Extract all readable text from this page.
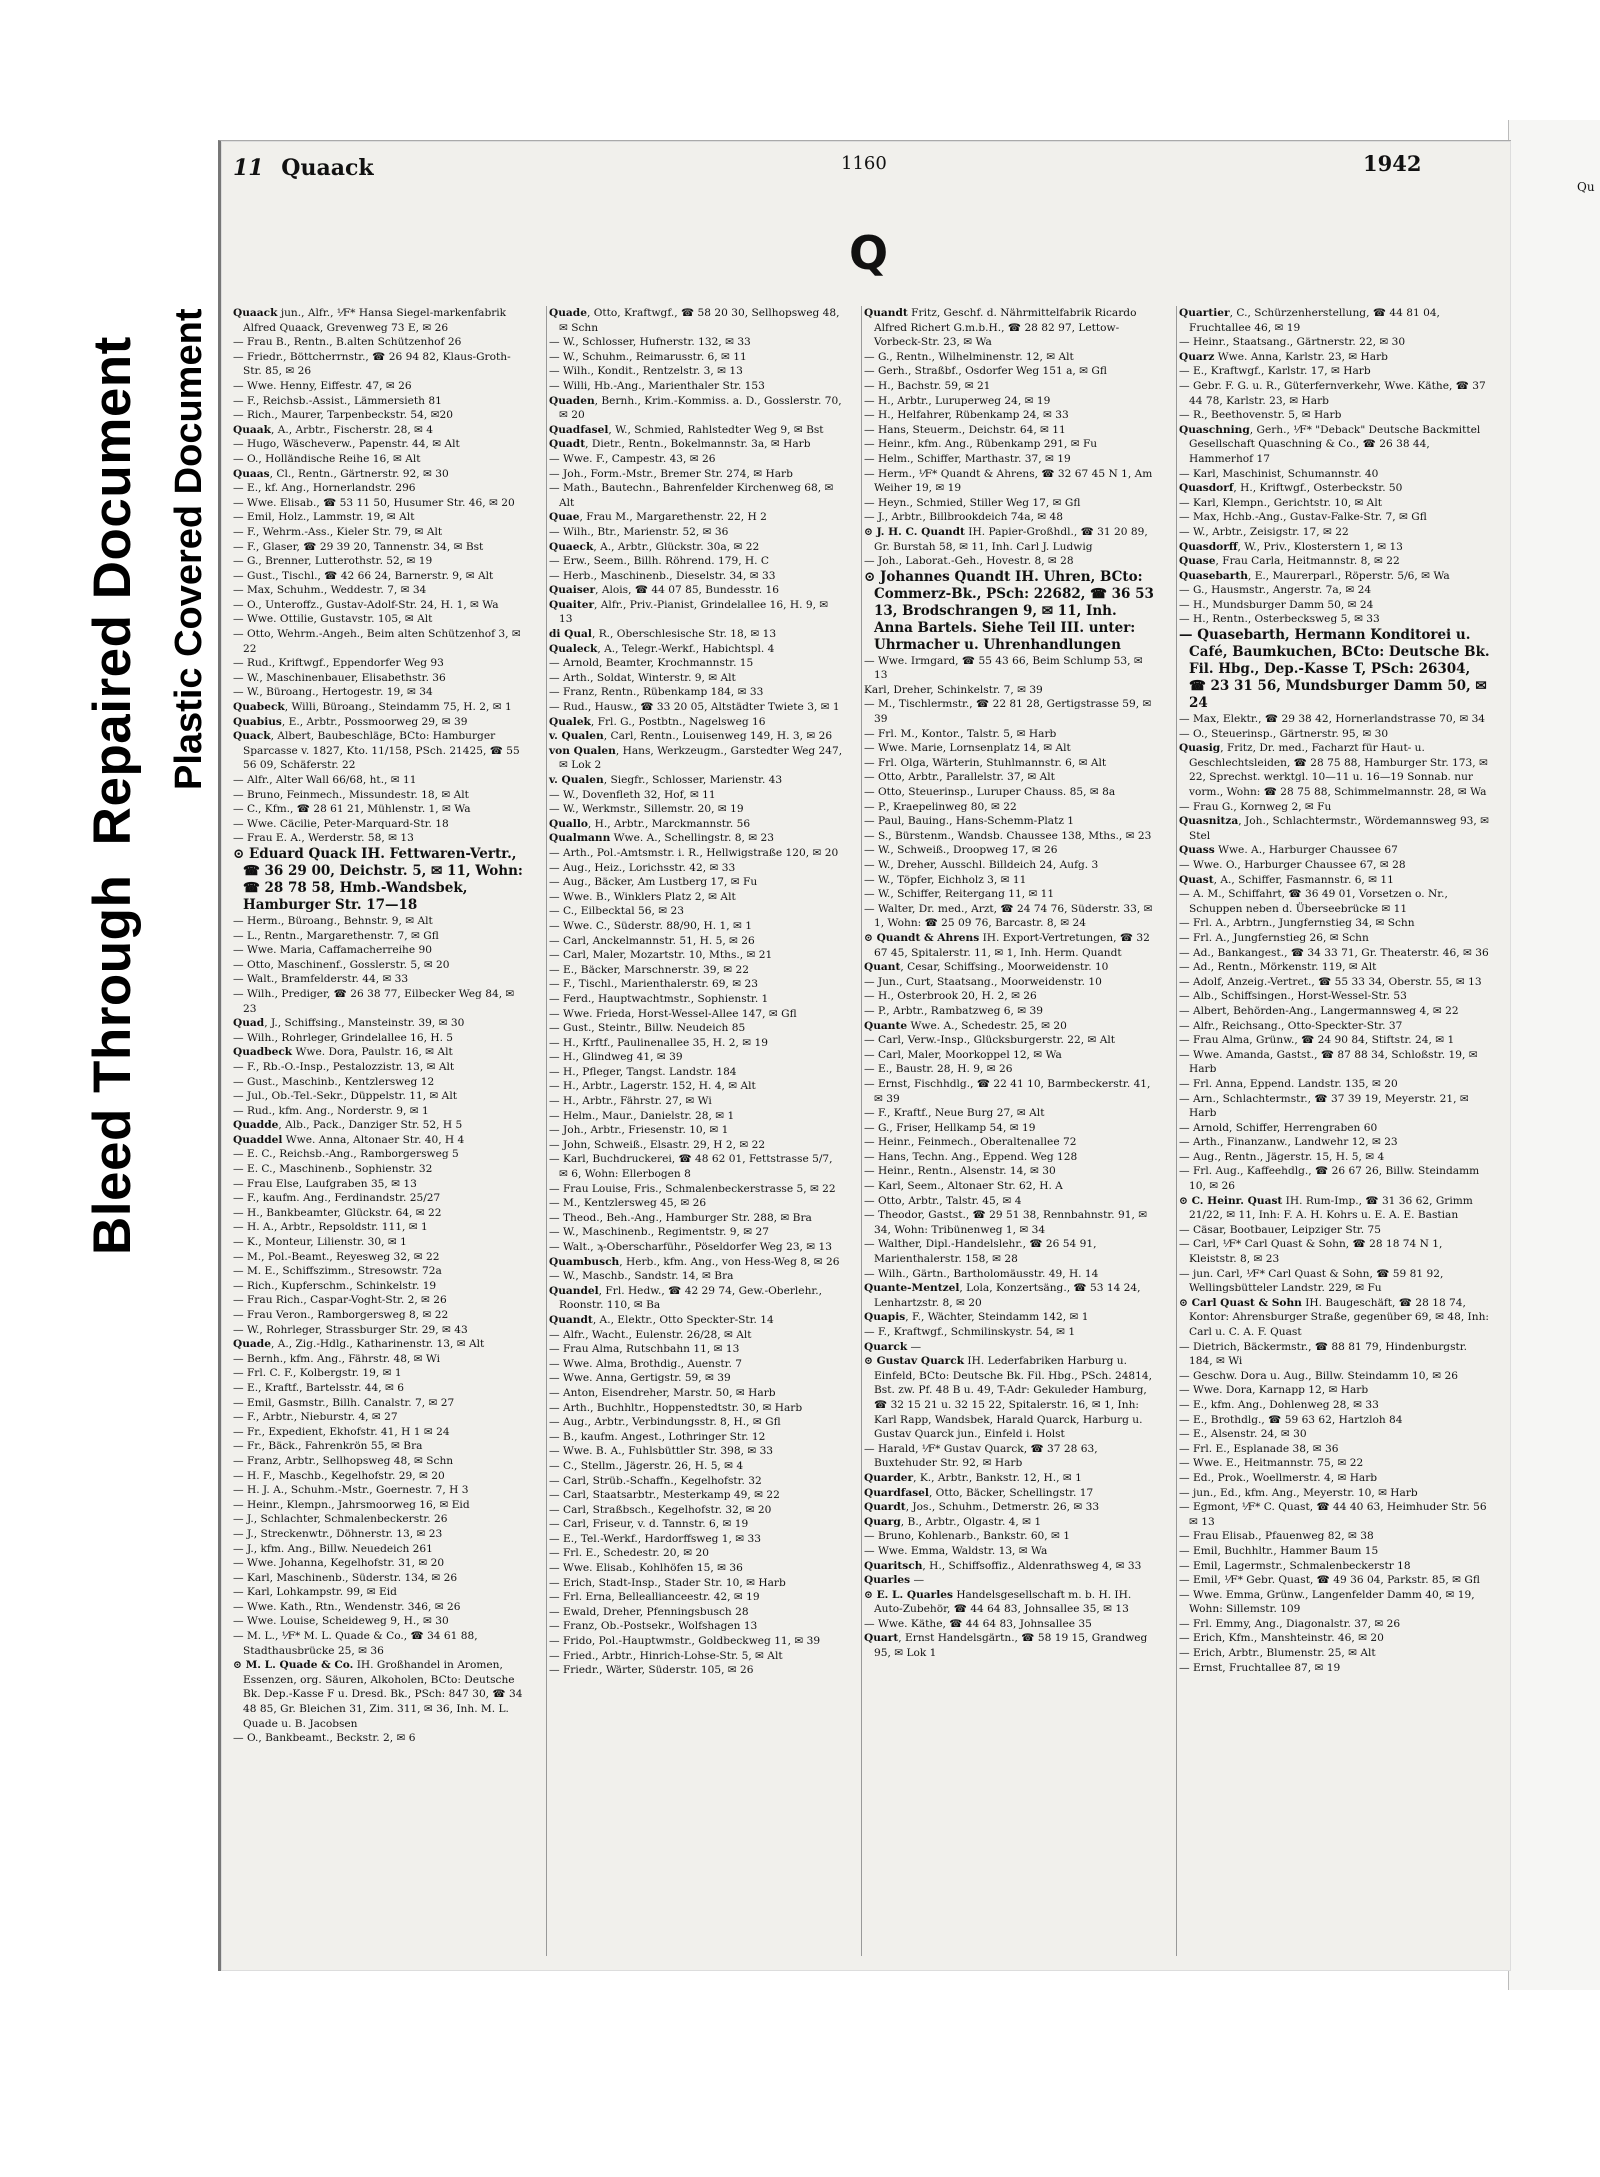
Bleed Through Repaired Document Plastic Covered Document
Qu
11 Quaack	1160	1942
Q
Quaack jun., Alfr., ⅟F* Hansa Siegel-markenfabrik Alfred Quaack, Grevenweg 73 E, ✉ 26
— Frau B., Rentn., B.alten Schützenhof 26
— Friedr., Böttcherrnstr., ☎ 26 94 82, Klaus-Groth-Str. 85, ✉ 26
— Wwe. Henny, Eiffestr. 47, ✉ 26
— F., Reichsb.-Assist., Lämmersieth 81
— Rich., Maurer, Tarpenbeckstr. 54, ✉20
Quaak, A., Arbtr., Fischerstr. 28, ✉ 4
— Hugo, Wäscheverw., Papenstr. 44, ✉ Alt
— O., Holländische Reihe 16, ✉ Alt
Quaas, Cl., Rentn., Gärtnerstr. 92, ✉ 30
— E., kf. Ang., Hornerlandstr. 296
— Wwe. Elisab., ☎ 53 11 50, Husumer Str. 46, ✉ 20
— Emil, Holz., Lammstr. 19, ✉ Alt
— F., Wehrm.-Ass., Kieler Str. 79, ✉ Alt
— F., Glaser, ☎ 29 39 20, Tannenstr. 34, ✉ Bst
— G., Brenner, Lutterothstr. 52, ✉ 19
— Gust., Tischl., ☎ 42 66 24, Barnerstr. 9, ✉ Alt
— Max, Schuhm., Weddestr. 7, ✉ 34
— O., Unteroffz., Gustav-Adolf-Str. 24, H. 1, ✉ Wa
— Wwe. Ottilie, Gustavstr. 105, ✉ Alt
— Otto, Wehrm.-Angeh., Beim alten Schützenhof 3, ✉ 22
— Rud., Kriftwgf., Eppendorfer Weg 93
— W., Maschinenbauer, Elisabethstr. 36
— W., Büroang., Hertogestr. 19, ✉ 34
Quabeck, Willi, Büroang., Steindamm 75, H. 2, ✉ 1
Quabius, E., Arbtr., Possmoorweg 29, ✉ 39
Quack, Albert, Baubeschläge, BCto: Hamburger Sparcasse v. 1827, Kto. 11/158, PSch. 21425, ☎ 55 56 09, Schäferstr. 22
— Alfr., Alter Wall 66/68, ht., ✉ 11
— Bruno, Feinmech., Missundestr. 18, ✉ Alt
— C., Kfm., ☎ 28 61 21, Mühlenstr. 1, ✉ Wa
— Wwe. Cäcilie, Peter-Marquard-Str. 18
— Frau E. A., Werderstr. 58, ✉ 13
⊙ Eduard Quack IH. Fettwaren-Vertr., ☎ 36 29 00, Deichstr. 5, ✉ 11, Wohn: ☎ 28 78 58, Hmb.-Wandsbek, Hamburger Str. 17—18
— Herm., Büroang., Behnstr. 9, ✉ Alt
— L., Rentn., Margarethenstr. 7, ✉ Gfl
— Wwe. Maria, Caffamacherreihe 90
— Otto, Maschinenf., Gosslerstr. 5, ✉ 20
— Walt., Bramfelderstr. 44, ✉ 33
— Wilh., Prediger, ☎ 26 38 77, Eilbecker Weg 84, ✉ 23
Quad, J., Schiffsing., Mansteinstr. 39, ✉ 30
— Wilh., Rohrleger, Grindelallee 16, H. 5
Quadbeck Wwe. Dora, Paulstr. 16, ✉ Alt
— F., Rb.-O.-Insp., Pestalozzistr. 13, ✉ Alt
— Gust., Maschinb., Kentzlersweg 12
— Jul., Ob.-Tel.-Sekr., Düppelstr. 11, ✉ Alt
— Rud., kfm. Ang., Norderstr. 9, ✉ 1
Quadde, Alb., Pack., Danziger Str. 52, H 5
Quaddel Wwe. Anna, Altonaer Str. 40, H 4
— E. C., Reichsb.-Ang., Ramborgersweg 5
— E. C., Maschinenb., Sophienstr. 32
— Frau Else, Laufgraben 35, ✉ 13
— F., kaufm. Ang., Ferdinandstr. 25/27
— H., Bankbeamter, Glückstr. 64, ✉ 22
— H. A., Arbtr., Repsoldstr. 111, ✉ 1
— K., Monteur, Lilienstr. 30, ✉ 1
— M., Pol.-Beamt., Reyesweg 32, ✉ 22
— M. E., Schiffszimm., Stresowstr. 72a
— Rich., Kupferschm., Schinkelstr. 19
— Frau Rich., Caspar-Voght-Str. 2, ✉ 26
— Frau Veron., Ramborgersweg 8, ✉ 22
— W., Rohrleger, Strassburger Str. 29, ✉ 43
Quade, A., Zig.-Hdlg., Katharinenstr. 13, ✉ Alt
— Bernh., kfm. Ang., Fährstr. 48, ✉ Wi
— Frl. C. F., Kolbergstr. 19, ✉ 1
— E., Kraftf., Bartelsstr. 44, ✉ 6
— Emil, Gasmstr., Billh. Canalstr. 7, ✉ 27
— F., Arbtr., Nieburstr. 4, ✉ 27
— Fr., Expedient, Ekhofstr. 41, H 1 ✉ 24
— Fr., Bäck., Fahrenkrön 55, ✉ Bra
— Franz, Arbtr., Sellhopsweg 48, ✉ Schn
— H. F., Maschb., Kegelhofstr. 29, ✉ 20
— H. J. A., Schuhm.-Mstr., Goernestr. 7, H 3
— Heinr., Klempn., Jahrsmoorweg 16, ✉ Eid
— J., Schlachter, Schmalenbeckerstr. 26
— J., Streckenwtr., Döhnerstr. 13, ✉ 23
— J., kfm. Ang., Billw. Neuedeich 261
— Wwe. Johanna, Kegelhofstr. 31, ✉ 20
— Karl, Maschinenb., Süderstr. 134, ✉ 26
— Karl, Lohkampstr. 99, ✉ Eid
— Wwe. Kath., Rtn., Wendenstr. 346, ✉ 26
— Wwe. Louise, Scheideweg 9, H., ✉ 30
— M. L., ⅟F* M. L. Quade & Co., ☎ 34 61 88, Stadthausbrücke 25, ✉ 36
⊙ M. L. Quade & Co. IH. Großhandel in Aromen, Essenzen, org. Säuren, Alkoholen, BCto: Deutsche Bk. Dep.-Kasse F u. Dresd. Bk., PSch: 847 30, ☎ 34 48 85, Gr. Bleichen 31, Zim. 311, ✉ 36, Inh. M. L. Quade u. B. Jacobsen
— O., Bankbeamt., Beckstr. 2, ✉ 6
Quade, Otto, Kraftwgf., ☎ 58 20 30, Sellhopsweg 48, ✉ Schn
— W., Schlosser, Hufnerstr. 132, ✉ 33
— W., Schuhm., Reimarusstr. 6, ✉ 11
— Wilh., Kondit., Rentzelstr. 3, ✉ 13
— Willi, Hb.-Ang., Marienthaler Str. 153
Quaden, Bernh., Krim.-Kommiss. a. D., Gosslerstr. 70, ✉ 20
Quadfasel, W., Schmied, Rahlstedter Weg 9, ✉ Bst
Quadt, Dietr., Rentn., Bokelmannstr. 3a, ✉ Harb
— Wwe. F., Campestr. 43, ✉ 26
— Joh., Form.-Mstr., Bremer Str. 274, ✉ Harb
— Math., Bautechn., Bahrenfelder Kirchenweg 68, ✉ Alt
Quae, Frau M., Margarethenstr. 22, H 2
— Wilh., Btr., Marienstr. 52, ✉ 36
Quaeck, A., Arbtr., Glückstr. 30a, ✉ 22
— Erw., Seem., Billh. Röhrend. 179, H. C
— Herb., Maschinenb., Dieselstr. 34, ✉ 33
Quaiser, Alois, ☎ 44 07 85, Bundesstr. 16
Quaiter, Alfr., Priv.-Pianist, Grindelallee 16, H. 9, ✉ 13
di Qual, R., Oberschlesische Str. 18, ✉ 13
Qualeck, A., Telegr.-Werkf., Habichtspl. 4
— Arnold, Beamter, Krochmannstr. 15
— Arth., Soldat, Winterstr. 9, ✉ Alt
— Franz, Rentn., Rübenkamp 184, ✉ 33
— Rud., Hausw., ☎ 33 20 05, Altstädter Twiete 3, ✉ 1
Qualek, Frl. G., Postbtn., Nagelsweg 16
v. Qualen, Carl, Rentn., Louisenweg 149, H. 3, ✉ 26
von Qualen, Hans, Werkzeugm., Garstedter Weg 247, ✉ Lok 2
v. Qualen, Siegfr., Schlosser, Marienstr. 43
— W., Dovenfleth 32, Hof, ✉ 11
— W., Werkmstr., Sillemstr. 20, ✉ 19
Quallo, H., Arbtr., Marckmannstr. 56
Qualmann Wwe. A., Schellingstr. 8, ✉ 23
— Arth., Pol.-Amtsmstr. i. R., Hellwigstraße 120, ✉ 20
— Aug., Heiz., Lorichsstr. 42, ✉ 33
— Aug., Bäcker, Am Lustberg 17, ✉ Fu
— Wwe. B., Winklers Platz 2, ✉ Alt
— C., Eilbecktal 56, ✉ 23
— Wwe. C., Süderstr. 88/90, H. 1, ✉ 1
— Carl, Anckelmannstr. 51, H. 5, ✉ 26
— Carl, Maler, Mozartstr. 10, Mths., ✉ 21
— E., Bäcker, Marschnerstr. 39, ✉ 22
— F., Tischl., Marienthalerstr. 69, ✉ 23
— Ferd., Hauptwachtmstr., Sophienstr. 1
— Wwe. Frieda, Horst-Wessel-Allee 147, ✉ Gfl
— Gust., Steintr., Billw. Neudeich 85
— H., Krftf., Paulinenallee 35, H. 2, ✉ 19
— H., Glindweg 41, ✉ 39
— H., Pfleger, Tangst. Landstr. 184
— H., Arbtr., Lagerstr. 152, H. 4, ✉ Alt
— H., Arbtr., Fährstr. 27, ✉ Wi
— Helm., Maur., Danielstr. 28, ✉ 1
— Joh., Arbtr., Friesenstr. 10, ✉ 1
— John, Schweiß., Elsastr. 29, H 2, ✉ 22
— Karl, Buchdruckerei, ☎ 48 62 01, Fettstrasse 5/7, ✉ 6, Wohn: Ellerbogen 8
— Frau Louise, Fris., Schmalenbeckerstrasse 5, ✉ 22
— M., Kentzlersweg 45, ✉ 26
— Theod., Beh.-Ang., Hamburger Str. 288, ✉ Bra
— W., Maschinenb., Regimentstr. 9, ✉ 27
— Walt., ϡ-Oberscharführ., Pöseldorfer Weg 23, ✉ 13
Quambusch, Herb., kfm. Ang., von Hess-Weg 8, ✉ 26
— W., Maschb., Sandstr. 14, ✉ Bra
Quandel, Frl. Hedw., ☎ 42 29 74, Gew.-Oberlehr., Roonstr. 110, ✉ Ba
Quandt, A., Elektr., Otto Speckter-Str. 14
— Alfr., Wacht., Eulenstr. 26/28, ✉ Alt
— Frau Alma, Rutschbahn 11, ✉ 13
— Wwe. Alma, Brothdig., Auenstr. 7
— Wwe. Anna, Gertigstr. 59, ✉ 39
— Anton, Eisendreher, Marstr. 50, ✉ Harb
— Arth., Buchhltr., Hoppenstedtstr. 30, ✉ Harb
— Aug., Arbtr., Verbindungsstr. 8, H., ✉ Gfl
— B., kaufm. Angest., Lothringer Str. 12
— Wwe. B. A., Fuhlsbüttler Str. 398, ✉ 33
— C., Stellm., Jägerstr. 26, H. 5, ✉ 4
— Carl, Strüb.-Schaffn., Kegelhofstr. 32
— Carl, Staatsarbtr., Mesterkamp 49, ✉ 22
— Carl, Straßbsch., Kegelhofstr. 32, ✉ 20
— Carl, Friseur, v. d. Tannstr. 6, ✉ 19
— E., Tel.-Werkf., Hardorffsweg 1, ✉ 33
— Frl. E., Schedestr. 20, ✉ 20
— Wwe. Elisab., Kohlhöfen 15, ✉ 36
— Erich, Stadt-Insp., Stader Str. 10, ✉ Harb
— Frl. Erna, Belleallianceestr. 42, ✉ 19
— Ewald, Dreher, Pfenningsbusch 28
— Franz, Ob.-Postsekr., Wolfshagen 13
— Frido, Pol.-Hauptwmstr., Goldbeckweg 11, ✉ 39
— Fried., Arbtr., Hinrich-Lohse-Str. 5, ✉ Alt
— Friedr., Wärter, Süderstr. 105, ✉ 26
Quandt Fritz, Geschf. d. Nährmittelfabrik Ricardo Alfred Richert G.m.b.H., ☎ 28 82 97, Lettow-Vorbeck-Str. 23, ✉ Wa
— G., Rentn., Wilhelminenstr. 12, ✉ Alt
— Gerh., Straßbf., Osdorfer Weg 151 a, ✉ Gfl
— H., Bachstr. 59, ✉ 21
— H., Arbtr., Luruperweg 24, ✉ 19
— H., Helfahrer, Rübenkamp 24, ✉ 33
— Hans, Steuerm., Deichstr. 64, ✉ 11
— Heinr., kfm. Ang., Rübenkamp 291, ✉ Fu
— Helm., Schiffer, Marthastr. 37, ✉ 19
— Herm., ⅟F* Quandt & Ahrens, ☎ 32 67 45 N 1, Am Weiher 19, ✉ 19
— Heyn., Schmied, Stiller Weg 17, ✉ Gfl
— J., Arbtr., Billbrookdeich 74a, ✉ 48
⊙ J. H. C. Quandt IH. Papier-Großhdl., ☎ 31 20 89, Gr. Burstah 58, ✉ 11, Inh. Carl J. Ludwig
— Joh., Laborat.-Geh., Hovestr. 8, ✉ 28
⊙ Johannes Quandt IH. Uhren, BCto: Commerz-Bk., PSch: 22682, ☎ 36 53 13, Brodschrangen 9, ✉ 11, Inh. Anna Bartels. Siehe Teil III. unter: Uhrmacher u. Uhrenhandlungen
— Wwe. Irmgard, ☎ 55 43 66, Beim Schlump 53, ✉ 13
Karl, Dreher, Schinkelstr. 7, ✉ 39
— M., Tischlermstr., ☎ 22 81 28, Gertigstrasse 59, ✉ 39
— Frl. M., Kontor., Talstr. 5, ✉ Harb
— Wwe. Marie, Lornsenplatz 14, ✉ Alt
— Frl. Olga, Wärterin, Stuhlmannstr. 6, ✉ Alt
— Otto, Arbtr., Parallelstr. 37, ✉ Alt
— Otto, Steuerinsp., Luruper Chauss. 85, ✉ 8a
— P., Kraepelinweg 80, ✉ 22
— Paul, Bauing., Hans-Schemm-Platz 1
— S., Bürstenm., Wandsb. Chaussee 138, Mths., ✉ 23
— W., Schweiß., Droopweg 17, ✉ 26
— W., Dreher, Ausschl. Billdeich 24, Aufg. 3
— W., Töpfer, Eichholz 3, ✉ 11
— W., Schiffer, Reitergang 11, ✉ 11
— Walter, Dr. med., Arzt, ☎ 24 74 76, Süderstr. 33, ✉ 1, Wohn: ☎ 25 09 76, Barcastr. 8, ✉ 24
⊙ Quandt & Ahrens IH. Export-Vertretungen, ☎ 32 67 45, Spitalerstr. 11, ✉ 1, Inh. Herm. Quandt
Quant, Cesar, Schiffsing., Moorweidenstr. 10
— Jun., Curt, Staatsang., Moorweidenstr. 10
— H., Osterbrook 20, H. 2, ✉ 26
— P., Arbtr., Rambatzweg 6, ✉ 39
Quante Wwe. A., Schedestr. 25, ✉ 20
— Carl, Verw.-Insp., Glücksburgerstr. 22, ✉ Alt
— Carl, Maler, Moorkoppel 12, ✉ Wa
— E., Baustr. 28, H. 9, ✉ 26
— Ernst, Fischhdlg., ☎ 22 41 10, Barmbeckerstr. 41, ✉ 39
— F., Kraftf., Neue Burg 27, ✉ Alt
— G., Friser, Hellkamp 54, ✉ 19
— Heinr., Feinmech., Oberaltenallee 72
— Hans, Techn. Ang., Eppend. Weg 128
— Heinr., Rentn., Alsenstr. 14, ✉ 30
— Karl, Seem., Altonaer Str. 62, H. A
— Otto, Arbtr., Talstr. 45, ✉ 4
— Theodor, Gastst., ☎ 29 51 38, Rennbahnstr. 91, ✉ 34, Wohn: Tribünenweg 1, ✉ 34
— Walther, Dipl.-Handelslehr., ☎ 26 54 91, Marienthalerstr. 158, ✉ 28
— Wilh., Gärtn., Bartholomäusstr. 49, H. 14
Quante-Mentzel, Lola, Konzertsäng., ☎ 53 14 24, Lenhartzstr. 8, ✉ 20
Quapis, F., Wächter, Steindamm 142, ✉ 1
— F., Kraftwgf., Schmilinskystr. 54, ✉ 1
Quarck —
⊙ Gustav Quarck IH. Lederfabriken Harburg u. Einfeld, BCto: Deutsche Bk. Fil. Hbg., PSch. 24814, Bst. zw. Pf. 48 B u. 49, T-Adr: Gekuleder Hamburg, ☎ 32 15 21 u. 32 15 22, Spitalerstr. 16, ✉ 1, Inh: Karl Rapp, Wandsbek, Harald Quarck, Harburg u. Gustav Quarck jun., Einfeld i. Holst
— Harald, ⅟F* Gustav Quarck, ☎ 37 28 63, Buxtehuder Str. 92, ✉ Harb
Quarder, K., Arbtr., Bankstr. 12, H., ✉ 1
Quardfasel, Otto, Bäcker, Schellingstr. 17
Quardt, Jos., Schuhm., Detmerstr. 26, ✉ 33
Quarg, B., Arbtr., Olgastr. 4, ✉ 1
— Bruno, Kohlenarb., Bankstr. 60, ✉ 1
— Wwe. Emma, Waldstr. 13, ✉ Wa
Quaritsch, H., Schiffsoffiz., Aldenrathsweg 4, ✉ 33
Quarles —
⊙ E. L. Quarles Handelsgesellschaft m. b. H. IH. Auto-Zubehör, ☎ 44 64 83, Johnsallee 35, ✉ 13
— Wwe. Käthe, ☎ 44 64 83, Johnsallee 35
Quart, Ernst Handelsgärtn., ☎ 58 19 15, Grandweg 95, ✉ Lok 1
Quartier, C., Schürzenherstellung, ☎ 44 81 04, Fruchtallee 46, ✉ 19
— Heinr., Staatsang., Gärtnerstr. 22, ✉ 30
Quarz Wwe. Anna, Karlstr. 23, ✉ Harb
— E., Kraftwgf., Karlstr. 17, ✉ Harb
— Gebr. F. G. u. R., Güterfernverkehr, Wwe. Käthe, ☎ 37 44 78, Karlstr. 23, ✉ Harb
— R., Beethovenstr. 5, ✉ Harb
Quaschning, Gerh., ⅟F* "Deback" Deutsche Backmittel Gesellschaft Quaschning & Co., ☎ 26 38 44, Hammerhof 17
— Karl, Maschinist, Schumannstr. 40
Quasdorf, H., Kriftwgf., Osterbeckstr. 50
— Karl, Klempn., Gerichtstr. 10, ✉ Alt
— Max, Hchb.-Ang., Gustav-Falke-Str. 7, ✉ Gfl
— W., Arbtr., Zeisigstr. 17, ✉ 22
Quasdorff, W., Priv., Klosterstern 1, ✉ 13
Quase, Frau Carla, Heitmannstr. 8, ✉ 22
Quasebarth, E., Maurerparl., Röperstr. 5/6, ✉ Wa
— G., Hausmstr., Angerstr. 7a, ✉ 24
— H., Mundsburger Damm 50, ✉ 24
— H., Rentn., Osterbecksweg 5, ✉ 33
— Quasebarth, Hermann Konditorei u. Café, Baumkuchen, BCto: Deutsche Bk. Fil. Hbg., Dep.-Kasse T, PSch: 26304, ☎ 23 31 56, Mundsburger Damm 50, ✉ 24
— Max, Elektr., ☎ 29 38 42, Hornerlandstrasse 70, ✉ 34
— O., Steuerinsp., Gärtnerstr. 95, ✉ 30
Quasig, Fritz, Dr. med., Facharzt für Haut- u. Geschlechtsleiden, ☎ 28 75 88, Hamburger Str. 173, ✉ 22, Sprechst. werktgl. 10—11 u. 16—19 Sonnab. nur vorm., Wohn: ☎ 28 75 88, Schimmelmannstr. 28, ✉ Wa
— Frau G., Kornweg 2, ✉ Fu
Quasnitza, Joh., Schlachtermstr., Wördemannsweg 93, ✉ Stel
Quass Wwe. A., Harburger Chaussee 67
— Wwe. O., Harburger Chaussee 67, ✉ 28
Quast, A., Schiffer, Fasmannstr. 6, ✉ 11
— A. M., Schiffahrt, ☎ 36 49 01, Vorsetzen o. Nr., Schuppen neben d. Überseebrücke ✉ 11
— Frl. A., Arbtrn., Jungfernstieg 34, ✉ Schn
— Frl. A., Jungfernstieg 26, ✉ Schn
— Ad., Bankangest., ☎ 34 33 71, Gr. Theaterstr. 46, ✉ 36
— Ad., Rentn., Mörkenstr. 119, ✉ Alt
— Adolf, Anzeig.-Vertret., ☎ 55 33 34, Oberstr. 55, ✉ 13
— Alb., Schiffsingen., Horst-Wessel-Str. 53
— Albert, Behörden-Ang., Langermannsweg 4, ✉ 22
— Alfr., Reichsang., Otto-Speckter-Str. 37
— Frau Alma, Grünw., ☎ 24 90 84, Stiftstr. 24, ✉ 1
— Wwe. Amanda, Gastst., ☎ 87 88 34, Schloßstr. 19, ✉ Harb
— Frl. Anna, Eppend. Landstr. 135, ✉ 20
— Arn., Schlachtermstr., ☎ 37 39 19, Meyerstr. 21, ✉ Harb
— Arnold, Schiffer, Herrengraben 60
— Arth., Finanzanw., Landwehr 12, ✉ 23
— Aug., Rentn., Jägerstr. 15, H. 5, ✉ 4
— Frl. Aug., Kaffeehdlg., ☎ 26 67 26, Billw. Steindamm 10, ✉ 26
⊙ C. Heinr. Quast IH. Rum-Imp., ☎ 31 36 62, Grimm 21/22, ✉ 11, Inh: F. A. H. Kohrs u. E. A. E. Bastian
— Cäsar, Bootbauer, Leipziger Str. 75
— Carl, ⅟F* Carl Quast & Sohn, ☎ 28 18 74 N 1, Kleiststr. 8, ✉ 23
— jun. Carl, ⅟F* Carl Quast & Sohn, ☎ 59 81 92, Wellingsbütteler Landstr. 229, ✉ Fu
⊙ Carl Quast & Sohn IH. Baugeschäft, ☎ 28 18 74, Kontor: Ahrensburger Straße, gegenüber 69, ✉ 48, Inh: Carl u. C. A. F. Quast
— Dietrich, Bäckermstr., ☎ 88 81 79, Hindenburgstr. 184, ✉ Wi
— Geschw. Dora u. Aug., Billw. Steindamm 10, ✉ 26
— Wwe. Dora, Karnapp 12, ✉ Harb
— E., kfm. Ang., Dohlenweg 28, ✉ 33
— E., Brothdlg., ☎ 59 63 62, Hartzloh 84
— E., Alsenstr. 24, ✉ 30
— Frl. E., Esplanade 38, ✉ 36
— Wwe. E., Heitmannstr. 75, ✉ 22
— Ed., Prok., Woellmerstr. 4, ✉ Harb
— jun., Ed., kfm. Ang., Meyerstr. 10, ✉ Harb
— Egmont, ⅟F* C. Quast, ☎ 44 40 63, Heimhuder Str. 56 ✉ 13
— Frau Elisab., Pfauenweg 82, ✉ 38
— Emil, Buchhltr., Hammer Baum 15
— Emil, Lagermstr., Schmalenbeckerstr 18
— Emil, ⅟F* Gebr. Quast, ☎ 49 36 04, Parkstr. 85, ✉ Gfl
— Wwe. Emma, Grünw., Langenfelder Damm 40, ✉ 19, Wohn: Sillemstr. 109
— Frl. Emmy, Ang., Diagonalstr. 37, ✉ 26
— Erich, Kfm., Manshteinstr. 46, ✉ 20
— Erich, Arbtr., Blumenstr. 25, ✉ Alt
— Ernst, Fruchtallee 87, ✉ 19
